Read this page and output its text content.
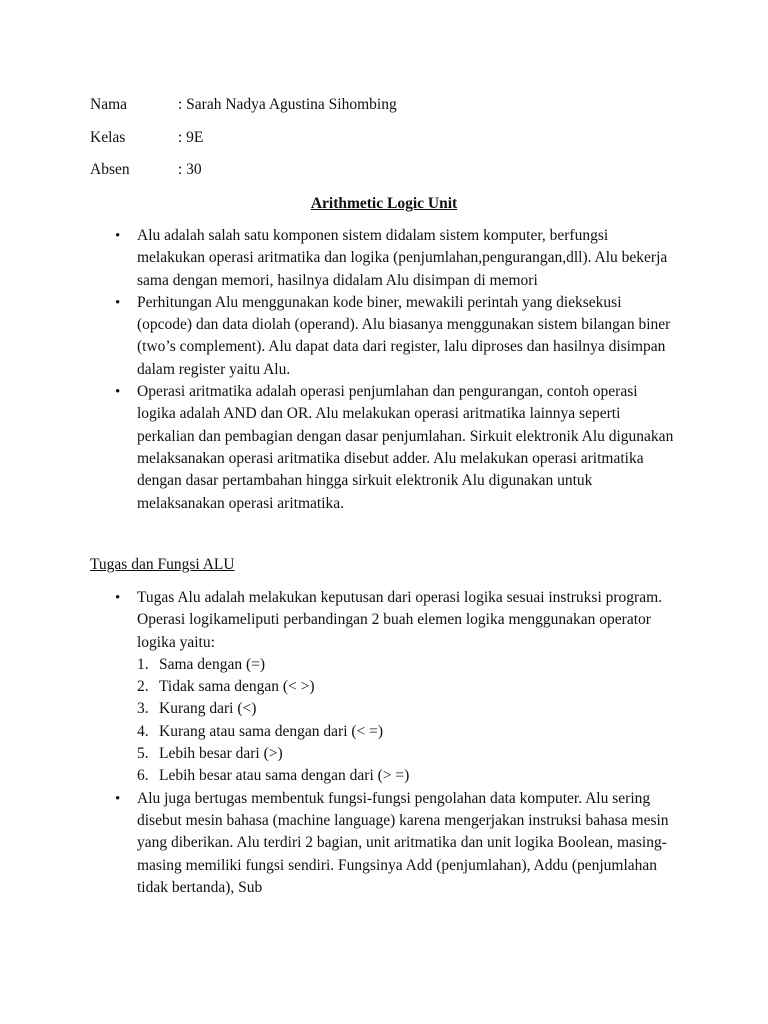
Nama	: Sarah Nadya Agustina Sihombing
Kelas	: 9E
Absen	: 30
Arithmetic Logic Unit
• Alu adalah salah satu komponen sistem didalam sistem komputer, berfungsi melakukan operasi aritmatika dan logika (penjumlahan,pengurangan,dll). Alu bekerja sama dengan memori, hasilnya didalam Alu disimpan di memori
• Perhitungan Alu menggunakan kode biner, mewakili perintah yang dieksekusi (opcode) dan data diolah (operand). Alu biasanya menggunakan sistem bilangan biner (two’s complement). Alu dapat data dari register, lalu diproses dan hasilnya disimpan dalam register yaitu Alu.
• Operasi aritmatika adalah operasi penjumlahan dan pengurangan, contoh operasi logika adalah AND dan OR. Alu melakukan operasi aritmatika lainnya seperti perkalian dan pembagian dengan dasar penjumlahan. Sirkuit elektronik Alu digunakan melaksanakan operasi aritmatika disebut adder. Alu melakukan operasi aritmatika dengan dasar pertambahan hingga sirkuit elektronik Alu digunakan untuk melaksanakan operasi aritmatika.
Tugas dan Fungsi ALU
• Tugas Alu adalah melakukan keputusan dari operasi logika sesuai instruksi program. Operasi logikameliputi perbandingan 2 buah elemen logika menggunakan operator logika yaitu:
1. Sama dengan (=)
2. Tidak sama dengan (< >)
3. Kurang dari (<)
4. Kurang atau sama dengan dari (< =)
5. Lebih besar dari (>)
6. Lebih besar atau sama dengan dari (> =)
• Alu juga bertugas membentuk fungsi-fungsi pengolahan data komputer. Alu sering disebut mesin bahasa (machine language) karena mengerjakan instruksi bahasa mesin yang diberikan. Alu terdiri 2 bagian, unit aritmatika dan unit logika Boolean, masing-masing memiliki fungsi sendiri. Fungsinya Add (penjumlahan), Addu (penjumlahan tidak bertanda), Sub
